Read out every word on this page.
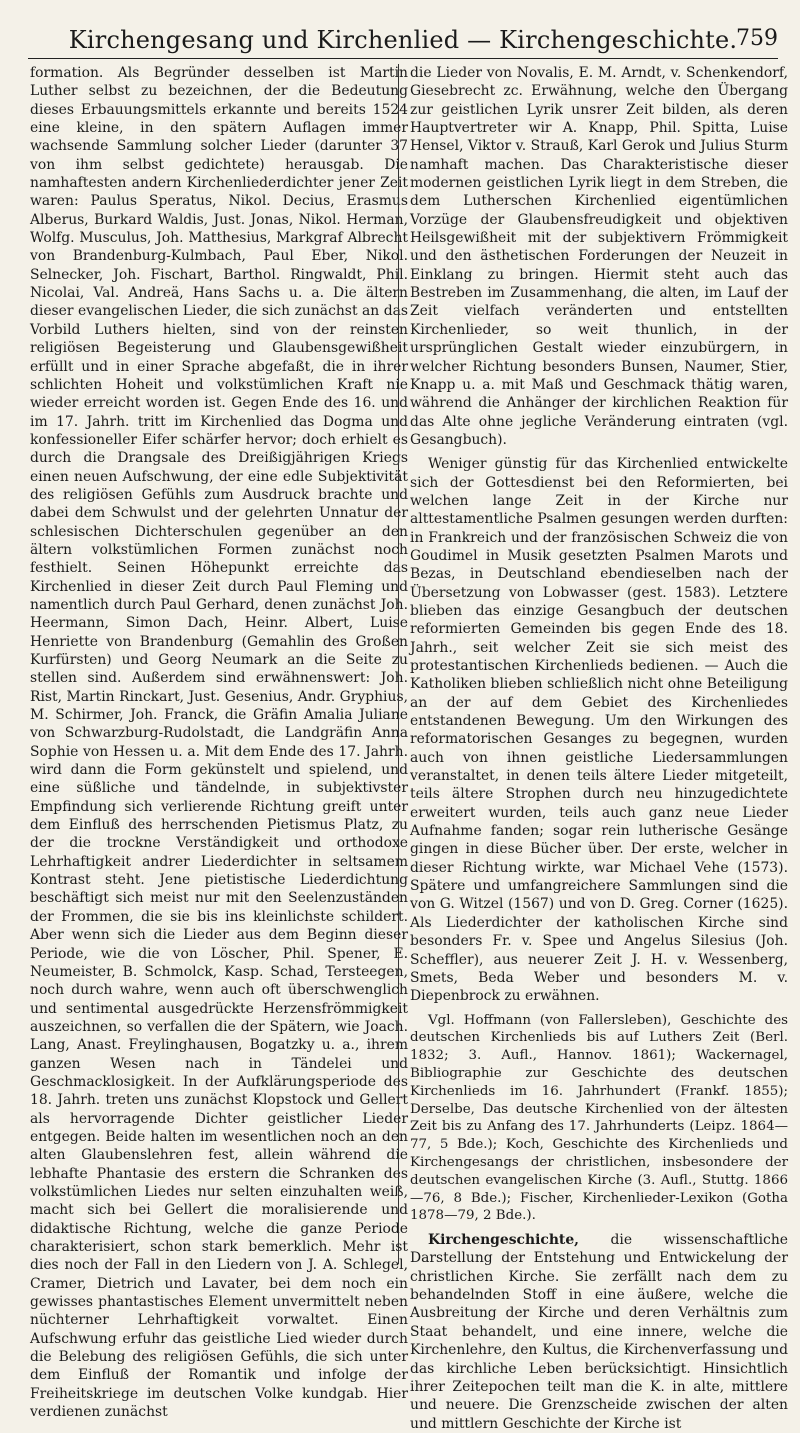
Kirchengesang und Kirchenlied — Kirchengeschichte.
759

formation. Als Begründer desselben ist Martin Luther selbst zu bezeichnen, der die Bedeutung dieses Erbauungsmittels erkannte und bereits 1524 eine kleine, in den spätern Auflagen immer wachsende Sammlung solcher Lieder (darunter 37 von ihm selbst gedichtete) herausgab. Die namhaftesten andern Kirchenliederdichter jener Zeit waren: Paulus Speratus, Nikol. Decius, Erasmus Alberus, Burkard Waldis, Just. Jonas, Nikol. Herman, Wolfg. Musculus, Joh. Matthesius, Markgraf Albrecht von Brandenburg-Kulmbach, Paul Eber, Nikol. Selnecker, Joh. Fischart, Barthol. Ringwaldt, Phil. Nicolai, Val. Andreä, Hans Sachs u. a. Die ältern dieser evangelischen Lieder, die sich zunächst an das Vorbild Luthers hielten, sind von der reinsten religiösen Begeisterung und Glaubensgewißheit erfüllt und in einer Sprache abgefaßt, die in ihrer schlichten Hoheit und volkstümlichen Kraft nie wieder erreicht worden ist. Gegen Ende des 16. und im 17. Jahrh. tritt im Kirchenlied das Dogma und konfessioneller Eifer schärfer hervor; doch erhielt es durch die Drangsale des Dreißigjährigen Kriegs einen neuen Aufschwung, der eine edle Subjektivität des religiösen Gefühls zum Ausdruck brachte und dabei dem Schwulst und der gelehrten Unnatur der schlesischen Dichterschulen gegenüber an den ältern volkstümlichen Formen zunächst noch festhielt. Seinen Höhepunkt erreichte das Kirchenlied in dieser Zeit durch Paul Fleming und namentlich durch Paul Gerhard, denen zunächst Joh. Heermann, Simon Dach, Heinr. Albert, Luise Henriette von Brandenburg (Gemahlin des Großen Kurfürsten) und Georg Neumark an die Seite zu stellen sind. Außerdem sind erwähnenswert: Joh. Rist, Martin Rinckart, Just. Gesenius, Andr. Gryphius, M. Schirmer, Joh. Franck, die Gräfin Amalia Juliane von Schwarzburg-Rudolstadt, die Landgräfin Anna Sophie von Hessen u. a. Mit dem Ende des 17. Jahrh. wird dann die Form gekünstelt und spielend, und eine süßliche und tändelnde, in subjektivster Empfindung sich verlierende Richtung greift unter dem Einfluß des herrschenden Pietismus Platz, zu der die trockne Verständigkeit und orthodoxe Lehrhaftigkeit andrer Liederdichter in seltsamem Kontrast steht. Jene pietistische Liederdichtung beschäftigt sich meist nur mit den Seelenzuständen der Frommen, die sie bis ins kleinlichste schildert. Aber wenn sich die Lieder aus dem Beginn dieser Periode, wie die von Löscher, Phil. Spener, E. Neumeister, B. Schmolck, Kasp. Schad, Tersteegen, noch durch wahre, wenn auch oft überschwenglich und sentimental ausgedrückte Herzensfrömmigkeit auszeichnen, so verfallen die der Spätern, wie Joach. Lang, Anast. Freylinghausen, Bogatzky u. a., ihrem ganzen Wesen nach in Tändelei und Geschmacklosigkeit. In der Aufklärungsperiode des 18. Jahrh. treten uns zunächst Klopstock und Gellert als hervorragende Dichter geistlicher Lieder entgegen. Beide halten im wesentlichen noch an den alten Glaubenslehren fest, allein während die lebhafte Phantasie des erstern die Schranken des volkstümlichen Liedes nur selten einzuhalten weiß, macht sich bei Gellert die moralisierende und didaktische Richtung, welche die ganze Periode charakterisiert, schon stark bemerklich. Mehr ist dies noch der Fall in den Liedern von J. A. Schlegel, Cramer, Dietrich und Lavater, bei dem noch ein gewisses phantastisches Element unvermittelt neben nüchterner Lehrhaftigkeit vorwaltet. Einen Aufschwung erfuhr das geistliche Lied wieder durch die Belebung des religiösen Gefühls, die sich unter dem Einfluß der Romantik und infolge der Freiheitskriege im deutschen Volke kundgab. Hier verdienen zunächst

die Lieder von Novalis, E. M. Arndt, v. Schenkendorf, Giesebrecht zc. Erwähnung, welche den Übergang zur geistlichen Lyrik unsrer Zeit bilden, als deren Hauptvertreter wir A. Knapp, Phil. Spitta, Luise Hensel, Viktor v. Strauß, Karl Gerok und Julius Sturm namhaft machen. Das Charakteristische dieser modernen geistlichen Lyrik liegt in dem Streben, die dem Lutherschen Kirchenlied eigentümlichen Vorzüge der Glaubensfreudigkeit und objektiven Heilsgewißheit mit der subjektivern Frömmigkeit und den ästhetischen Forderungen der Neuzeit in Einklang zu bringen. Hiermit steht auch das Bestreben im Zusammenhang, die alten, im Lauf der Zeit vielfach veränderten und entstellten Kirchenlieder, so weit thunlich, in der ursprünglichen Gestalt wieder einzubürgern, in welcher Richtung besonders Bunsen, Naumer, Stier, Knapp u. a. mit Maß und Geschmack thätig waren, während die Anhänger der kirchlichen Reaktion für das Alte ohne jegliche Veränderung eintraten (vgl. Gesangbuch).

Weniger günstig für das Kirchenlied entwickelte sich der Gottesdienst bei den Reformierten, bei welchen lange Zeit in der Kirche nur alttestamentliche Psalmen gesungen werden durften: in Frankreich und der französischen Schweiz die von Goudimel in Musik gesetzten Psalmen Marots und Bezas, in Deutschland ebendieselben nach der Übersetzung von Lobwasser (gest. 1583). Letztere blieben das einzige Gesangbuch der deutschen reformierten Gemeinden bis gegen Ende des 18. Jahrh., seit welcher Zeit sie sich meist des protestantischen Kirchenlieds bedienen. — Auch die Katholiken blieben schließlich nicht ohne Beteiligung an der auf dem Gebiet des Kirchenliedes entstandenen Bewegung. Um den Wirkungen des reformatorischen Gesanges zu begegnen, wurden auch von ihnen geistliche Liedersammlungen veranstaltet, in denen teils ältere Lieder mitgeteilt, teils ältere Strophen durch neu hinzugedichtete erweitert wurden, teils auch ganz neue Lieder Aufnahme fanden; sogar rein lutherische Gesänge gingen in diese Bücher über. Der erste, welcher in dieser Richtung wirkte, war Michael Vehe (1573). Spätere und umfangreichere Sammlungen sind die von G. Witzel (1567) und von D. Greg. Corner (1625). Als Liederdichter der katholischen Kirche sind besonders Fr. v. Spee und Angelus Silesius (Joh. Scheffler), aus neuerer Zeit J. H. v. Wessenberg, Smets, Beda Weber und besonders M. v. Diepenbrock zu erwähnen.

Vgl. Hoffmann (von Fallersleben), Geschichte des deutschen Kirchenlieds bis auf Luthers Zeit (Berl. 1832; 3. Aufl., Hannov. 1861); Wackernagel, Bibliographie zur Geschichte des deutschen Kirchenlieds im 16. Jahrhundert (Frankf. 1855); Derselbe, Das deutsche Kirchenlied von der ältesten Zeit bis zu Anfang des 17. Jahrhunderts (Leipz. 1864—77, 5 Bde.); Koch, Geschichte des Kirchenlieds und Kirchengesangs der christlichen, insbesondere der deutschen evangelischen Kirche (3. Aufl., Stuttg. 1866—76, 8 Bde.); Fischer, Kirchenlieder-Lexikon (Gotha 1878—79, 2 Bde.).

Kirchengeschichte, die wissenschaftliche Darstellung der Entstehung und Entwickelung der christlichen Kirche. Sie zerfällt nach dem zu behandelnden Stoff in eine äußere, welche die Ausbreitung der Kirche und deren Verhältnis zum Staat behandelt, und eine innere, welche die Kirchenlehre, den Kultus, die Kirchenverfassung und das kirchliche Leben berücksichtigt. Hinsichtlich ihrer Zeitepochen teilt man die K. in alte, mittlere und neuere. Die Grenzscheide zwischen der alten und mittlern Geschichte der Kirche ist
